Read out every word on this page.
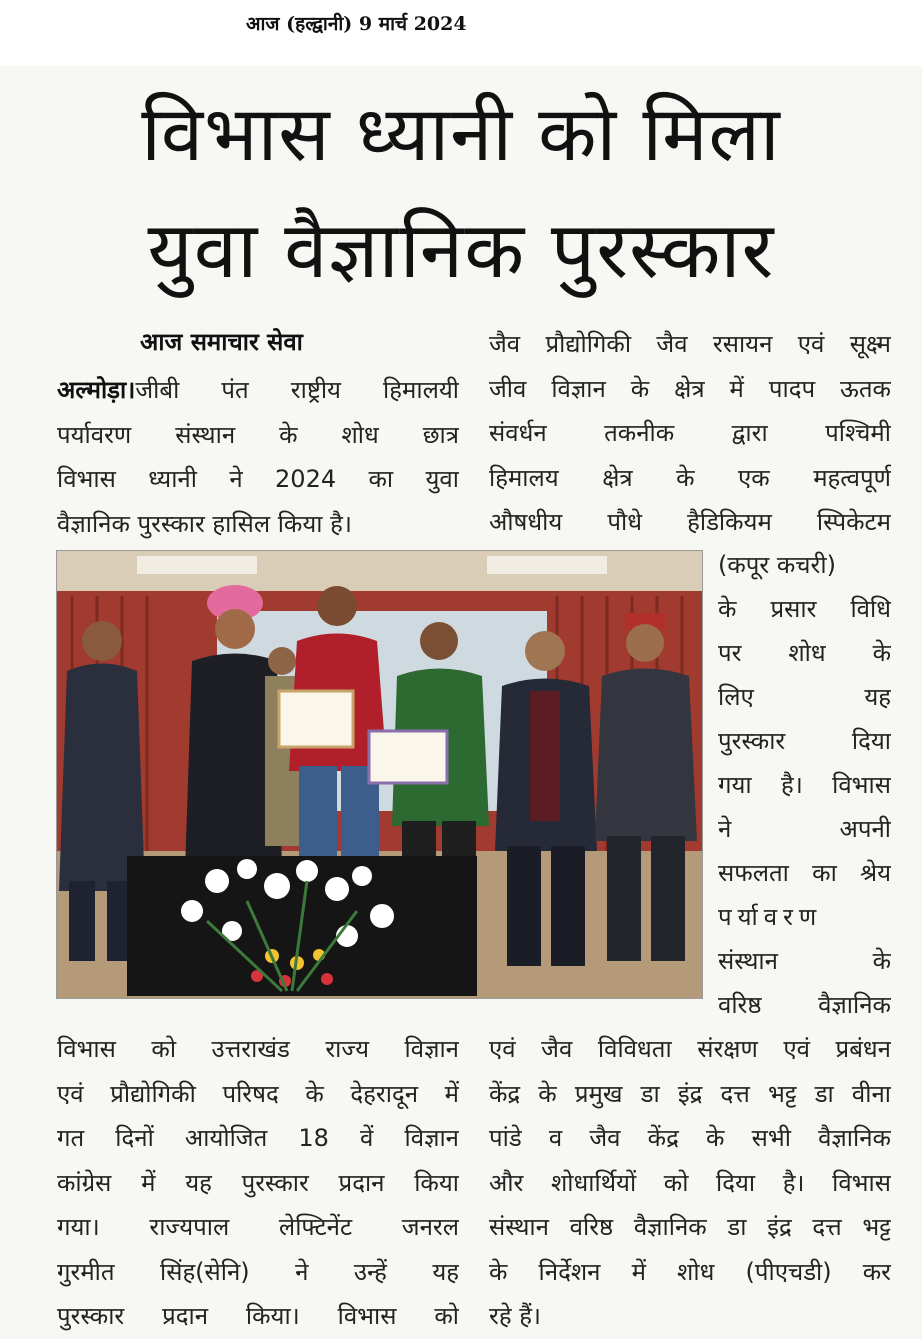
आज (हल्द्वानी) 9 मार्च 2024
विभास ध्यानी को मिला
युवा वैज्ञानिक पुरस्कार
आज समाचार सेवा
अल्मोड़ा।जीबी पंत राष्ट्रीय हिमालयी
पर्यावरण संस्थान के शोध छात्र
विभास ध्यानी ने 2024 का युवा
वैज्ञानिक पुरस्कार हासिल किया है।
जैव प्रौद्योगिकी जैव रसायन एवं सूक्ष्म
जीव विज्ञान के क्षेत्र में पादप ऊतक
संवर्धन तकनीक द्वारा पश्चिमी
हिमालय क्षेत्र के एक महत्वपूर्ण
औषधीय पौधे हैडिकियम स्पिकेटम
(कपूर कचरी)
के प्रसार विधि
पर शोध के
लिए यह
पुरस्कार दिया
गया है। विभास
ने अपनी
सफलता का श्रेय
पर्यावरण
संस्थान के
वरिष्ठ वैज्ञानिक
विभास को उत्तराखंड राज्य विज्ञान
एवं प्रौद्योगिकी परिषद के देहरादून में
गत दिनों आयोजित 18 वें विज्ञान
कांग्रेस में यह पुरस्कार प्रदान किया
गया। राज्यपाल लेफ्टिनेंट जनरल
गुरमीत सिंह(सेनि) ने उन्हें यह
पुरस्कार प्रदान किया। विभास को
एवं जैव विविधता संरक्षण एवं प्रबंधन
केंद्र के प्रमुख डा इंद्र दत्त भट्ट डा वीना
पांडे व जैव केंद्र के सभी वैज्ञानिक
और शोधार्थियों को दिया है। विभास
संस्थान वरिष्ठ वैज्ञानिक डा इंद्र दत्त भट्ट
के निर्देशन में शोध (पीएचडी) कर
रहे हैं।
